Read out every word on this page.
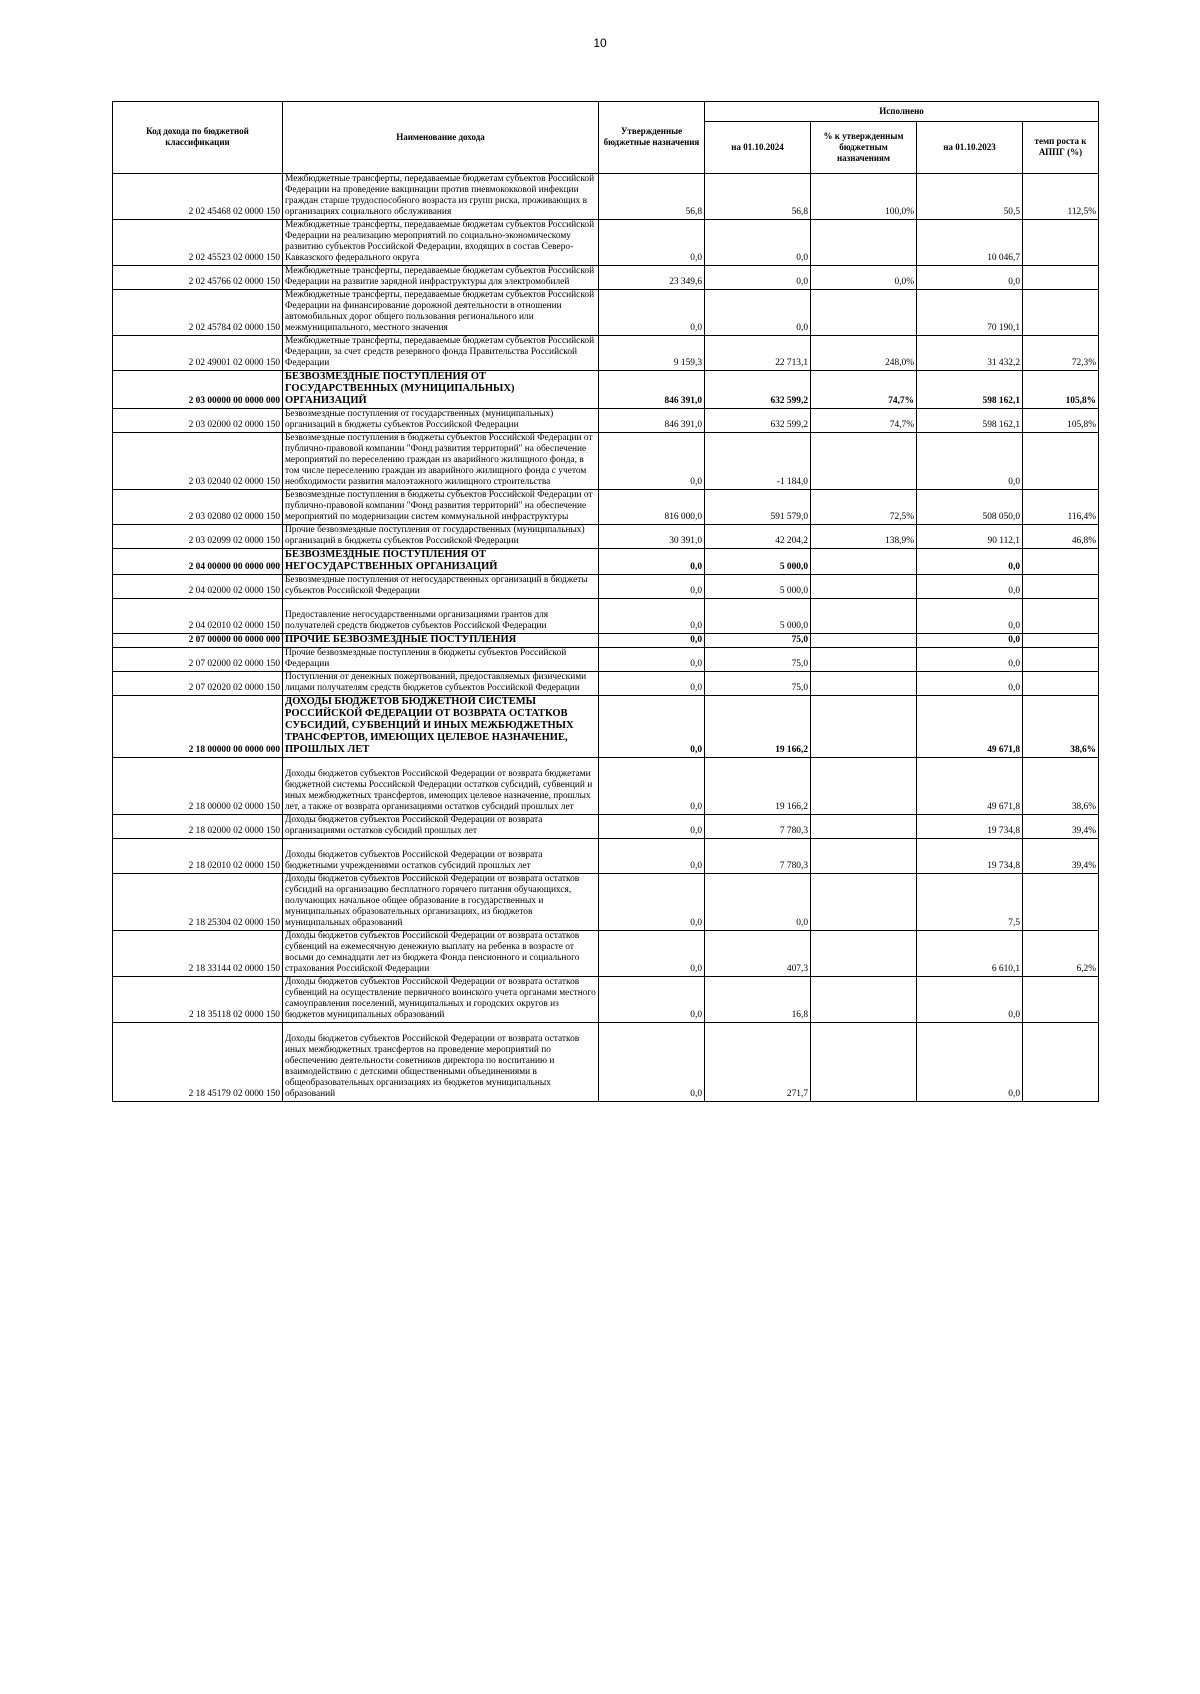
10
Код дохода по бюджетной классификации	Наименование дохода	Утвержденные бюджетные назначения	Исполнено			
			на 01.10.2024	% к утвержденным бюджетным назначениям	на 01.10.2023	темп роста к АППГ (%)
2 02 45468 02 0000 150	Межбюджетные трансферты, передаваемые бюджетам субъектов Российской Федерации на проведение вакцинации против пневмококковой инфекции граждан старше трудоспособного возраста из групп риска, проживающих в организациях социального обслуживания	56,8	56,8	100,0%	50,5	112,5%
2 02 45523 02 0000 150	Межбюджетные трансферты, передаваемые бюджетам субъектов Российской Федерации на реализацию мероприятий по социально-экономическому развитию субъектов Российской Федерации, входящих в состав Северо-Кавказского федерального округа	0,0	0,0		10 046,7	
2 02 45766 02 0000 150	Межбюджетные трансферты, передаваемые бюджетам субъектов Российской Федерации на развитие зарядной инфраструктуры для электромобилей	23 349,6	0,0	0,0%	0,0	
2 02 45784 02 0000 150	Межбюджетные трансферты, передаваемые бюджетам субъектов Российской Федерации на финансирование дорожной деятельности в отношении автомобильных дорог общего пользования регионального или межмуниципального, местного значения	0,0	0,0		70 190,1	
2 02 49001 02 0000 150	Межбюджетные трансферты, передаваемые бюджетам субъектов Российской Федерации, за счет средств резервного фонда Правительства Российской Федерации	9 159,3	22 713,1	248,0%	31 432,2	72,3%
2 03 00000 00 0000 000	БЕЗВОЗМЕЗДНЫЕ ПОСТУПЛЕНИЯ ОТ ГОСУДАРСТВЕННЫХ (МУНИЦИПАЛЬНЫХ) ОРГАНИЗАЦИЙ	846 391,0	632 599,2	74,7%	598 162,1	105,8%
2 03 02000 02 0000 150	Безвозмездные поступления от государственных (муниципальных) организаций в бюджеты субъектов Российской Федерации	846 391,0	632 599,2	74,7%	598 162,1	105,8%
2 03 02040 02 0000 150	Безвозмездные поступления в бюджеты субъектов Российской Федерации от публично-правовой компании "Фонд развития территорий" на обеспечение мероприятий по переселению граждан из аварийного жилищного фонда, в том числе переселению граждан из аварийного жилищного фонда с учетом необходимости развития малоэтажного жилищного строительства	0,0	-1 184,0		0,0	
2 03 02080 02 0000 150	Безвозмездные поступления в бюджеты субъектов Российской Федерации от публично-правовой компании "Фонд развития территорий" на обеспечение мероприятий по модернизации систем коммунальной инфраструктуры	816 000,0	591 579,0	72,5%	508 050,0	116,4%
2 03 02099 02 0000 150	Прочие безвозмездные поступления от государственных (муниципальных) организаций в бюджеты субъектов Российской Федерации	30 391,0	42 204,2	138,9%	90 112,1	46,8%
2 04 00000 00 0000 000	БЕЗВОЗМЕЗДНЫЕ ПОСТУПЛЕНИЯ ОТ НЕГОСУДАРСТВЕННЫХ ОРГАНИЗАЦИЙ	0,0	5 000,0		0,0	
2 04 02000 02 0000 150	Безвозмездные поступления от негосударственных организаций в бюджеты субъектов Российской Федерации	0,0	5 000,0		0,0	
2 04 02010 02 0000 150	Предоставление негосударственными организациями грантов для получателей средств бюджетов субъектов Российской Федерации	0,0	5 000,0		0,0	
2 07 00000 00 0000 000	ПРОЧИЕ БЕЗВОЗМЕЗДНЫЕ ПОСТУПЛЕНИЯ	0,0	75,0		0,0	
2 07 02000 02 0000 150	Прочие безвозмездные поступления в бюджеты субъектов Российской Федерации	0,0	75,0		0,0	
2 07 02020 02 0000 150	Поступления от денежных пожертвований, предоставляемых физическими лицами получателям средств бюджетов субъектов Российской Федерации	0,0	75,0		0,0	
2 18 00000 00 0000 000	ДОХОДЫ БЮДЖЕТОВ БЮДЖЕТНОЙ СИСТЕМЫ РОССИЙСКОЙ ФЕДЕРАЦИИ ОТ ВОЗВРАТА ОСТАТКОВ СУБСИДИЙ, СУБВЕНЦИЙ И ИНЫХ МЕЖБЮДЖЕТНЫХ ТРАНСФЕРТОВ, ИМЕЮЩИХ ЦЕЛЕВОЕ НАЗНАЧЕНИЕ, ПРОШЛЫХ ЛЕТ	0,0	19 166,2		49 671,8	38,6%
2 18 00000 02 0000 150	Доходы бюджетов субъектов Российской Федерации от возврата бюджетами бюджетной системы Российской Федерации остатков субсидий, субвенций и иных межбюджетных трансфертов, имеющих целевое назначение, прошлых лет, а также от возврата организациями остатков субсидий прошлых лет	0,0	19 166,2		49 671,8	38,6%
2 18 02000 02 0000 150	Доходы бюджетов субъектов Российской Федерации от возврата организациями остатков субсидий прошлых лет	0,0	7 780,3		19 734,8	39,4%
2 18 02010 02 0000 150	Доходы бюджетов субъектов Российской Федерации от возврата бюджетными учреждениями остатков субсидий прошлых лет	0,0	7 780,3		19 734,8	39,4%
2 18 25304 02 0000 150	Доходы бюджетов субъектов Российской Федерации от возврата остатков субсидий на организацию бесплатного горячего питания обучающихся, получающих начальное общее образование в государственных и муниципальных образовательных организациях, из бюджетов муниципальных образований	0,0	0,0		7,5	
2 18 33144 02 0000 150	Доходы бюджетов субъектов Российской Федерации от возврата остатков субвенций на ежемесячную денежную выплату на ребенка в возрасте от восьми до семнадцати лет из бюджета Фонда пенсионного и социального страхования Российской Федерации	0,0	407,3		6 610,1	6,2%
2 18 35118 02 0000 150	Доходы бюджетов субъектов Российской Федерации от возврата остатков субвенций на осуществление первичного воинского учета органами местного самоуправления поселений, муниципальных и городских округов из бюджетов муниципальных образований	0,0	16,8		0,0	
2 18 45179 02 0000 150	Доходы бюджетов субъектов Российской Федерации от возврата остатков иных межбюджетных трансфертов на проведение мероприятий по обеспечению деятельности советников директора по воспитанию и взаимодействию с детскими общественными объединениями в общеобразовательных организациях из бюджетов муниципальных образований	0,0	271,7		0,0	
